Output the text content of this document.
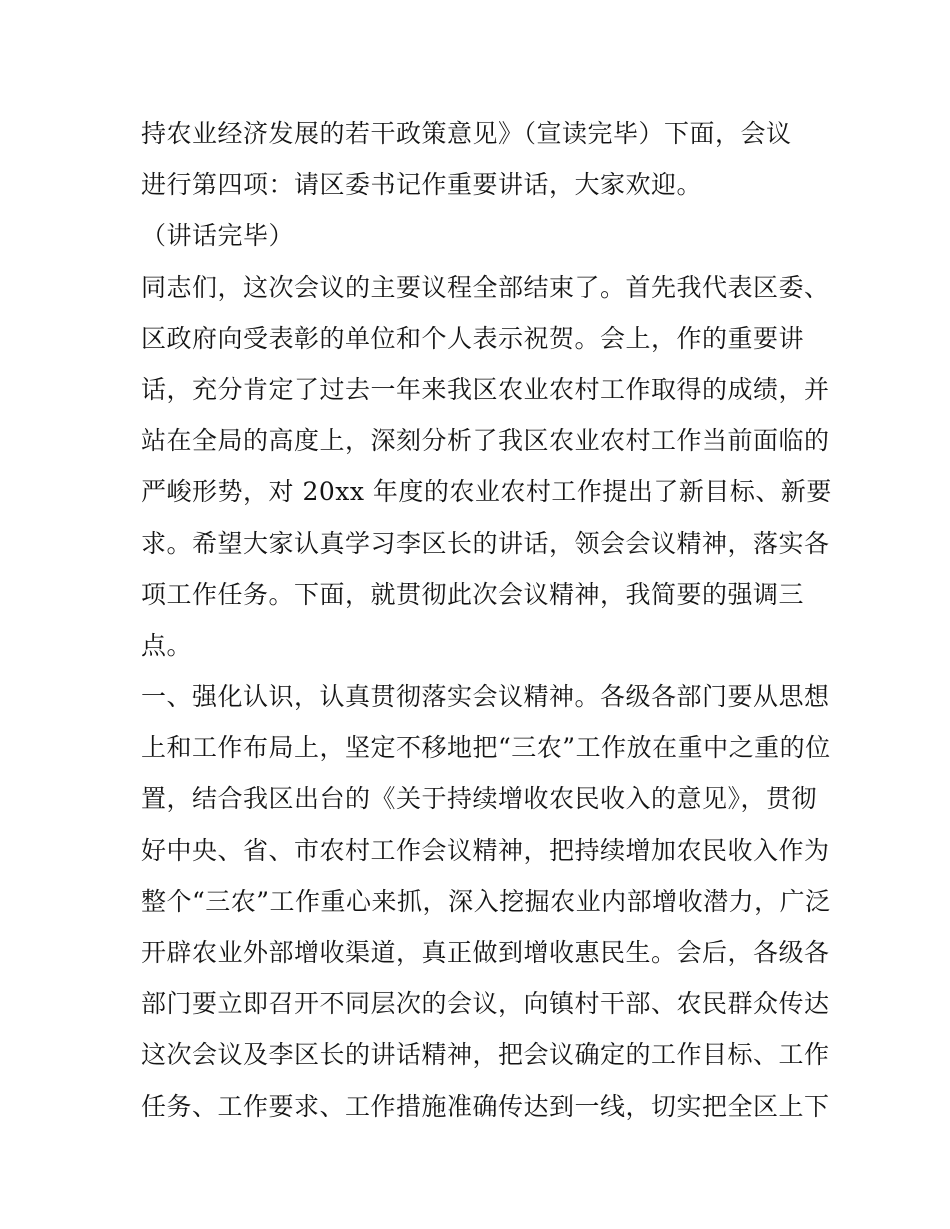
持农业经济发展的若干政策意见》（宣读完毕）下面，会议
进行第四项：请区委书记作重要讲话，大家欢迎。
（讲话完毕）
同志们，这次会议的主要议程全部结束了。首先我代表区委、
区政府向受表彰的单位和个人表示祝贺。会上，作的重要讲
话，充分肯定了过去一年来我区农业农村工作取得的成绩，并
站在全局的高度上，深刻分析了我区农业农村工作当前面临的
严峻形势，对 20xx 年度的农业农村工作提出了新目标、新要
求。希望大家认真学习李区长的讲话，领会会议精神，落实各
项工作任务。下面，就贯彻此次会议精神，我简要的强调三
点。
一、强化认识，认真贯彻落实会议精神。各级各部门要从思想
上和工作布局上，坚定不移地把“三农”工作放在重中之重的位
置，结合我区出台的《关于持续增收农民收入的意见》，贯彻
好中央、省、市农村工作会议精神，把持续增加农民收入作为
整个“三农”工作重心来抓，深入挖掘农业内部增收潜力，广泛
开辟农业外部增收渠道，真正做到增收惠民生。会后，各级各
部门要立即召开不同层次的会议，向镇村干部、农民群众传达
这次会议及李区长的讲话精神，把会议确定的工作目标、工作
任务、工作要求、工作措施准确传达到一线，切实把全区上下
